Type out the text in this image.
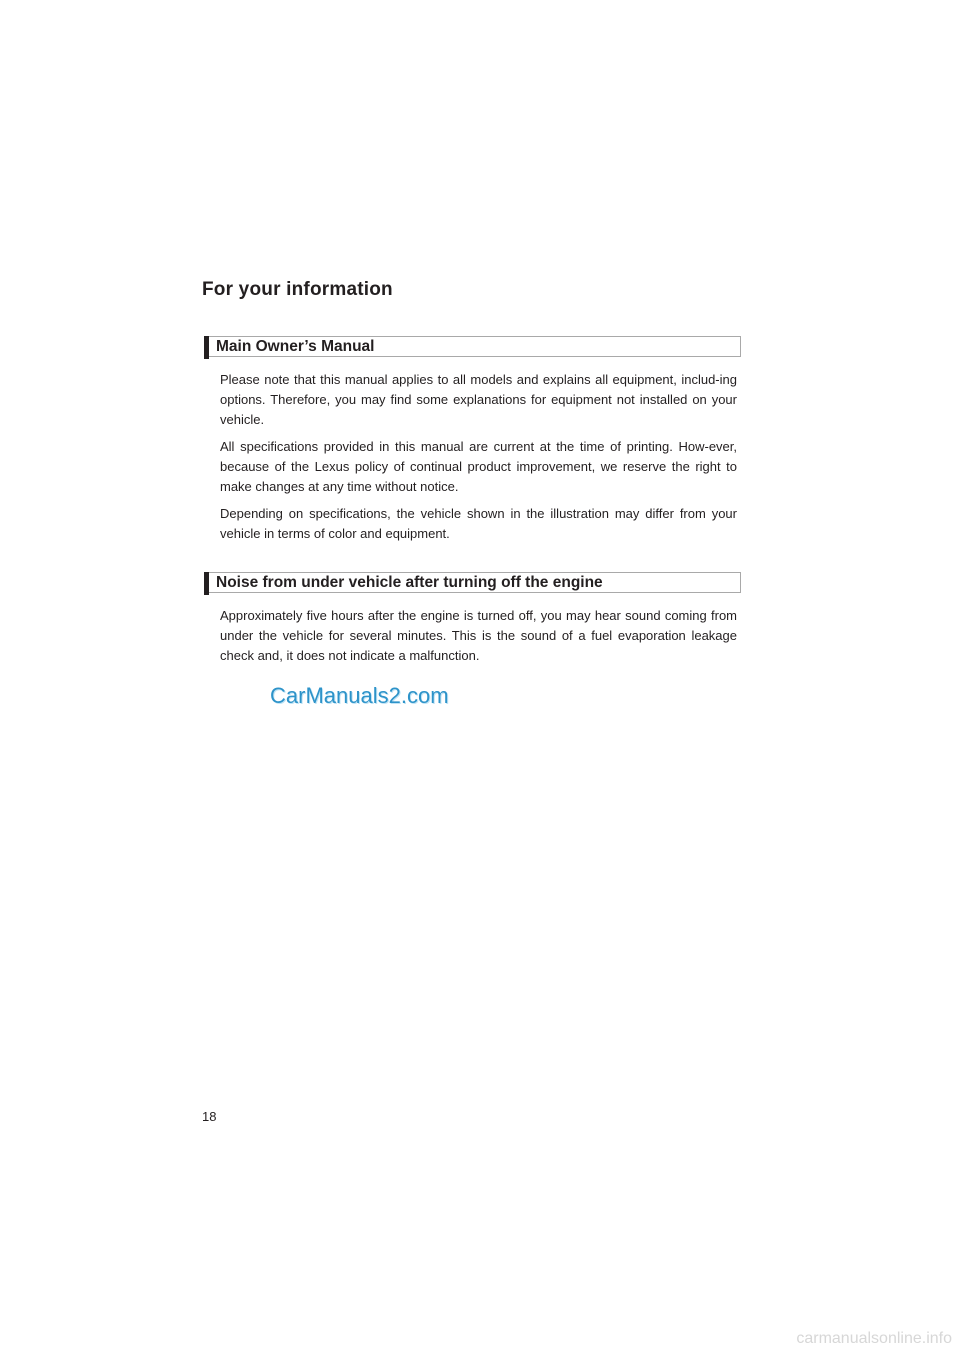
For your information
Main Owner’s Manual

Please note that this manual applies to all models and explains all equipment, includ-ing options. Therefore, you may find some explanations for equipment not installed on your vehicle.

All specifications provided in this manual are current at the time of printing. How-ever, because of the Lexus policy of continual product improvement, we reserve the right to make changes at any time without notice.

Depending on specifications, the vehicle shown in the illustration may differ from your vehicle in terms of color and equipment.

Noise from under vehicle after turning off the engine

Approximately five hours after the engine is turned off, you may hear sound coming from under the vehicle for several minutes. This is the sound of a fuel evaporation leakage check and, it does not indicate a malfunction.

CarManuals2.com
18
carmanualsonline.info
